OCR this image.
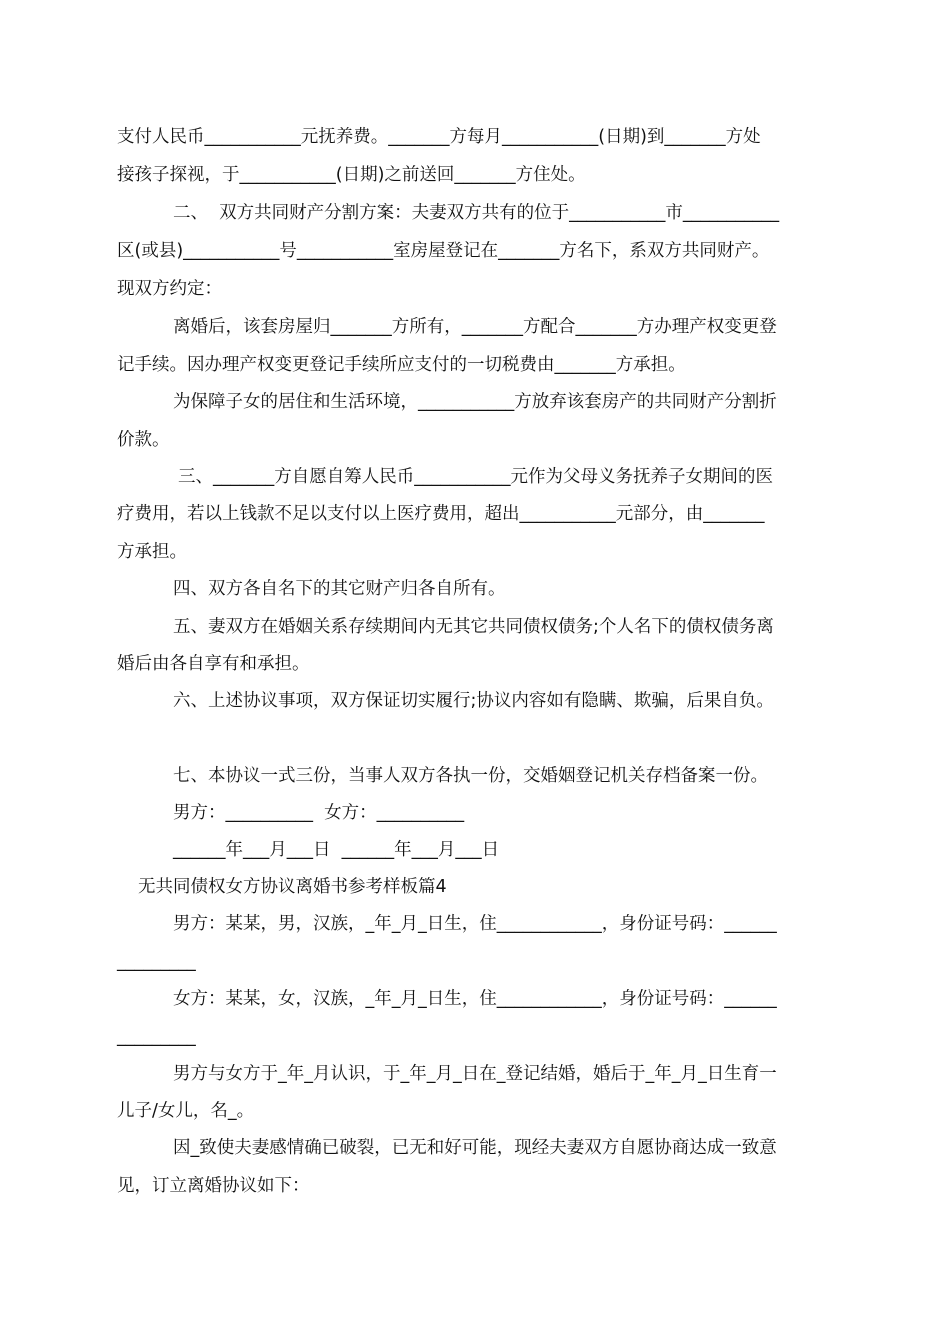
支付人民币___________元抚养费。_______方每月___________(日期)到_______方处
接孩子探视，于___________(日期)之前送回_______方住处。
二、  双方共同财产分割方案：夫妻双方共有的位于___________市___________
区(或县)___________号___________室房屋登记在_______方名下，系双方共同财产。
现双方约定：
离婚后，该套房屋归_______方所有，_______方配合_______方办理产权变更登
记手续。因办理产权变更登记手续所应支付的一切税费由_______方承担。
为保障子女的居住和生活环境，___________方放弃该套房产的共同财产分割折
价款。
三、_______方自愿自筹人民币___________元作为父母义务抚养子女期间的医
疗费用，若以上钱款不足以支付以上医疗费用，超出___________元部分，由_______
方承担。
四、双方各自名下的其它财产归各自所有。
五、妻双方在婚姻关系存续期间内无其它共同债权债务;个人名下的债权债务离
婚后由各自享有和承担。
六、上述协议事项，双方保证切实履行;协议内容如有隐瞒、欺骗，后果自负。
七、本协议一式三份，当事人双方各执一份，交婚姻登记机关存档备案一份。
男方：__________  女方：__________
______年___月___日  ______年___月___日
无共同债权女方协议离婚书参考样板篇4
男方：某某，男，汉族，_年_月_日生，住____________，身份证号码：______
_________
女方：某某，女，汉族，_年_月_日生，住____________，身份证号码：______
_________
男方与女方于_年_月认识，于_年_月_日在_登记结婚，婚后于_年_月_日生育一
儿子/女儿，名_。
因_致使夫妻感情确已破裂，已无和好可能，现经夫妻双方自愿协商达成一致意
见，订立离婚协议如下：
